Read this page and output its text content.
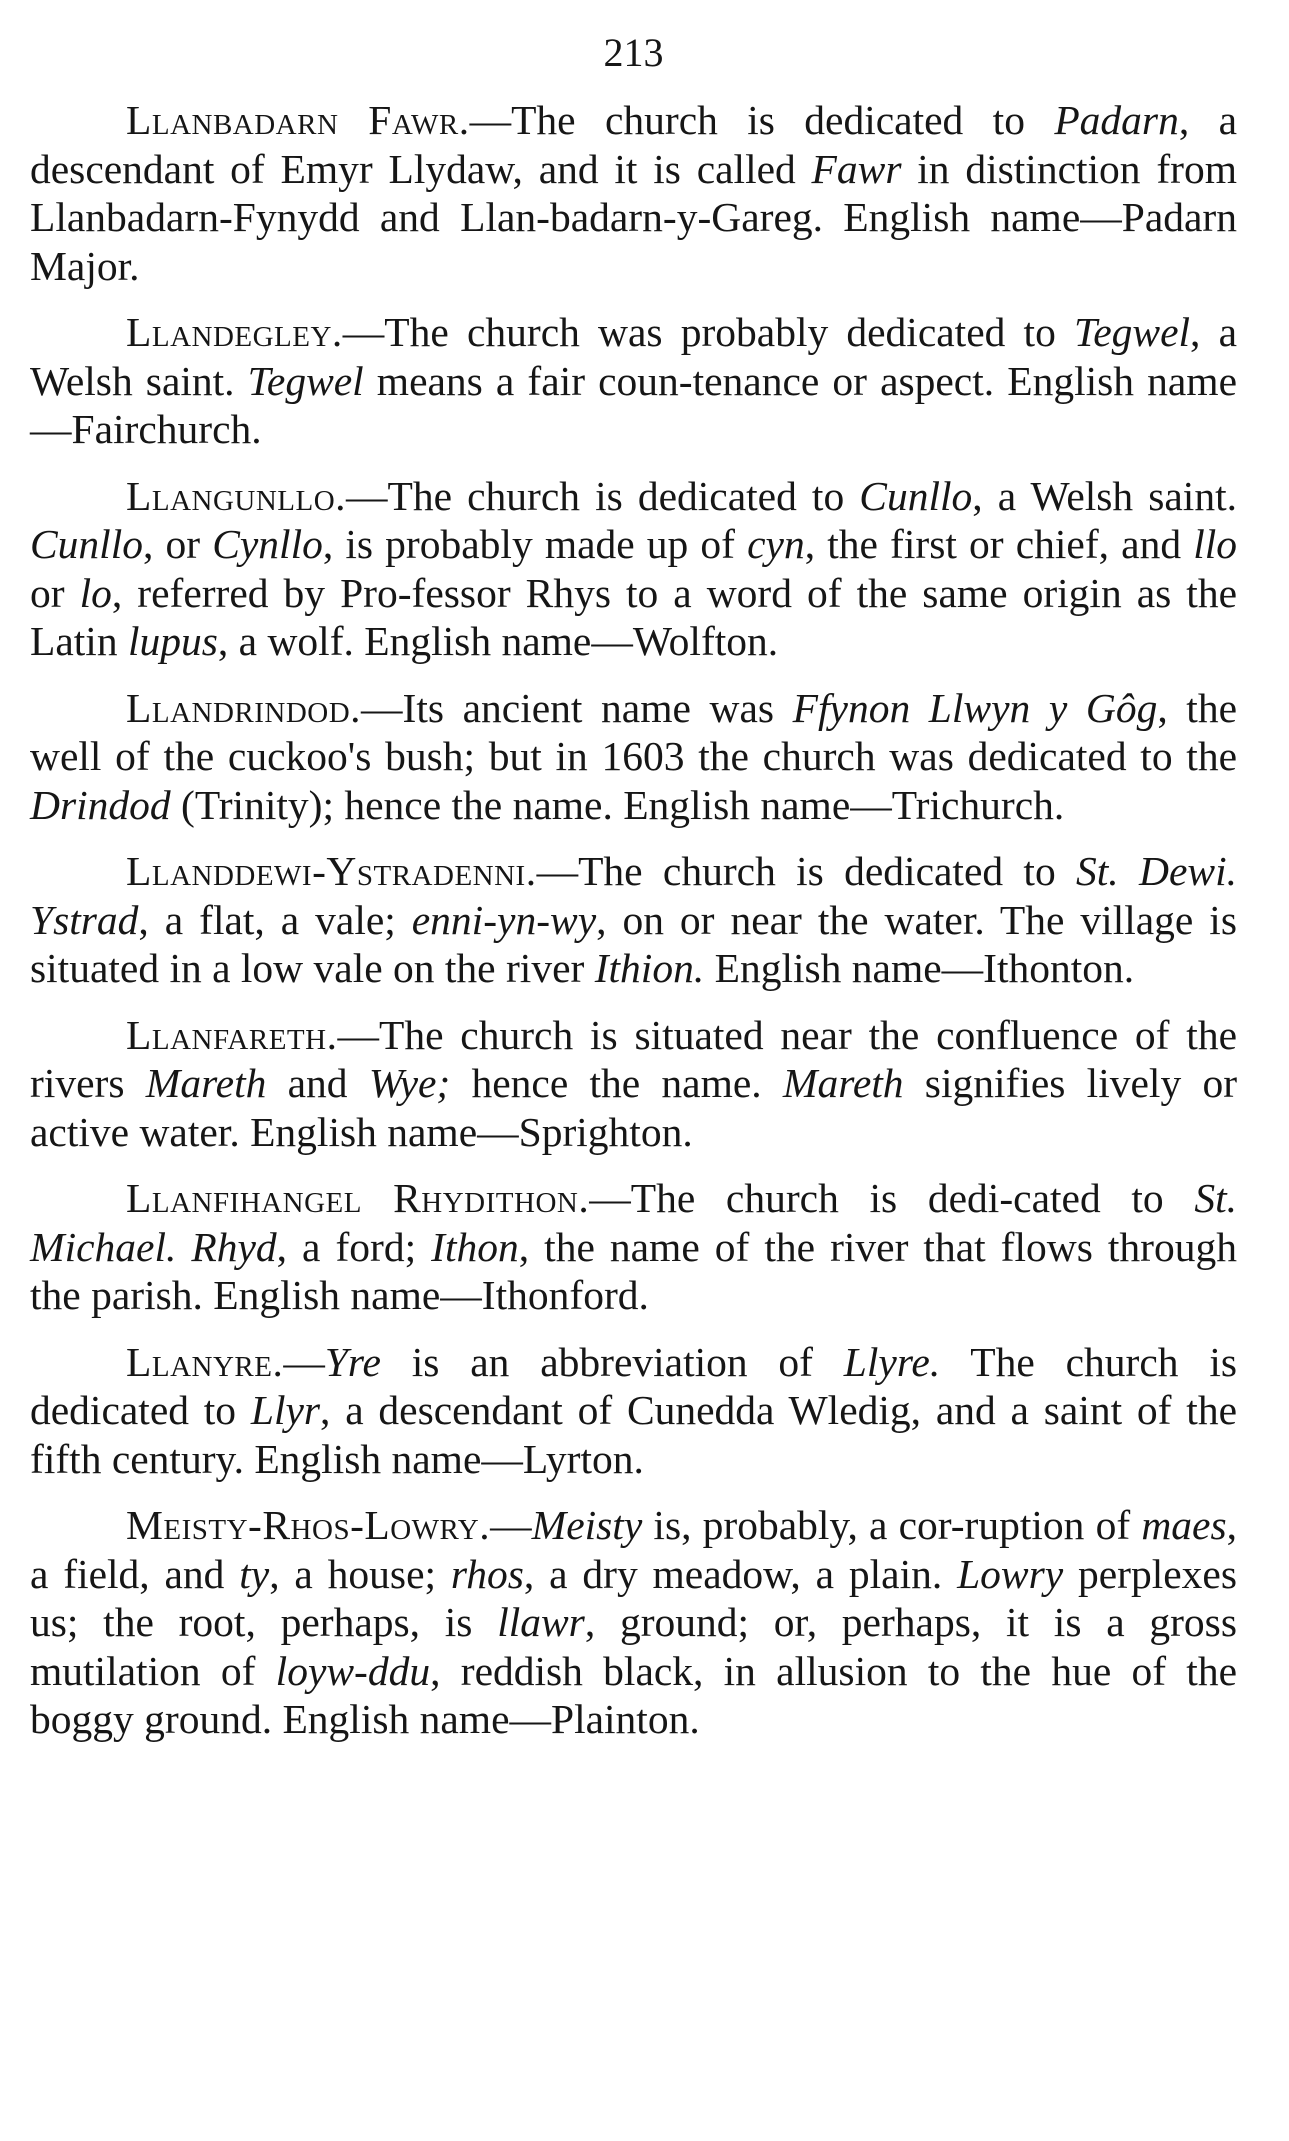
213

Llanbadarn Fawr.—The church is dedicated to Padarn, a descendant of Emyr Llydaw, and it is called Fawr in distinction from Llanbadarn-Fynydd and Llan-badarn-y-Gareg. English name—Padarn Major.

Llandegley.—The church was probably dedicated to Tegwel, a Welsh saint. Tegwel means a fair coun-tenance or aspect. English name—Fairchurch.

Llangunllo.—The church is dedicated to Cunllo, a Welsh saint. Cunllo, or Cynllo, is probably made up of cyn, the first or chief, and llo or lo, referred by Pro-fessor Rhys to a word of the same origin as the Latin lupus, a wolf. English name—Wolfton.

Llandrindod.—Its ancient name was Ffynon Llwyn y Gôg, the well of the cuckoo's bush; but in 1603 the church was dedicated to the Drindod (Trinity); hence the name. English name—Trichurch.

Llanddewi-Ystradenni.—The church is dedicated to St. Dewi. Ystrad, a flat, a vale; enni-yn-wy, on or near the water. The village is situated in a low vale on the river Ithion. English name—Ithonton.

Llanfareth.—The church is situated near the confluence of the rivers Mareth and Wye; hence the name. Mareth signifies lively or active water. English name—Sprighton.

Llanfihangel Rhydithon.—The church is dedi-cated to St. Michael. Rhyd, a ford; Ithon, the name of the river that flows through the parish. English name—Ithonford.

Llanyre.—Yre is an abbreviation of Llyre. The church is dedicated to Llyr, a descendant of Cunedda Wledig, and a saint of the fifth century. English name—Lyrton.

Meisty-Rhos-Lowry.—Meisty is, probably, a cor-ruption of maes, a field, and ty, a house; rhos, a dry meadow, a plain. Lowry perplexes us; the root, perhaps, is llawr, ground; or, perhaps, it is a gross mutilation of loyw-ddu, reddish black, in allusion to the hue of the boggy ground. English name—Plainton.
